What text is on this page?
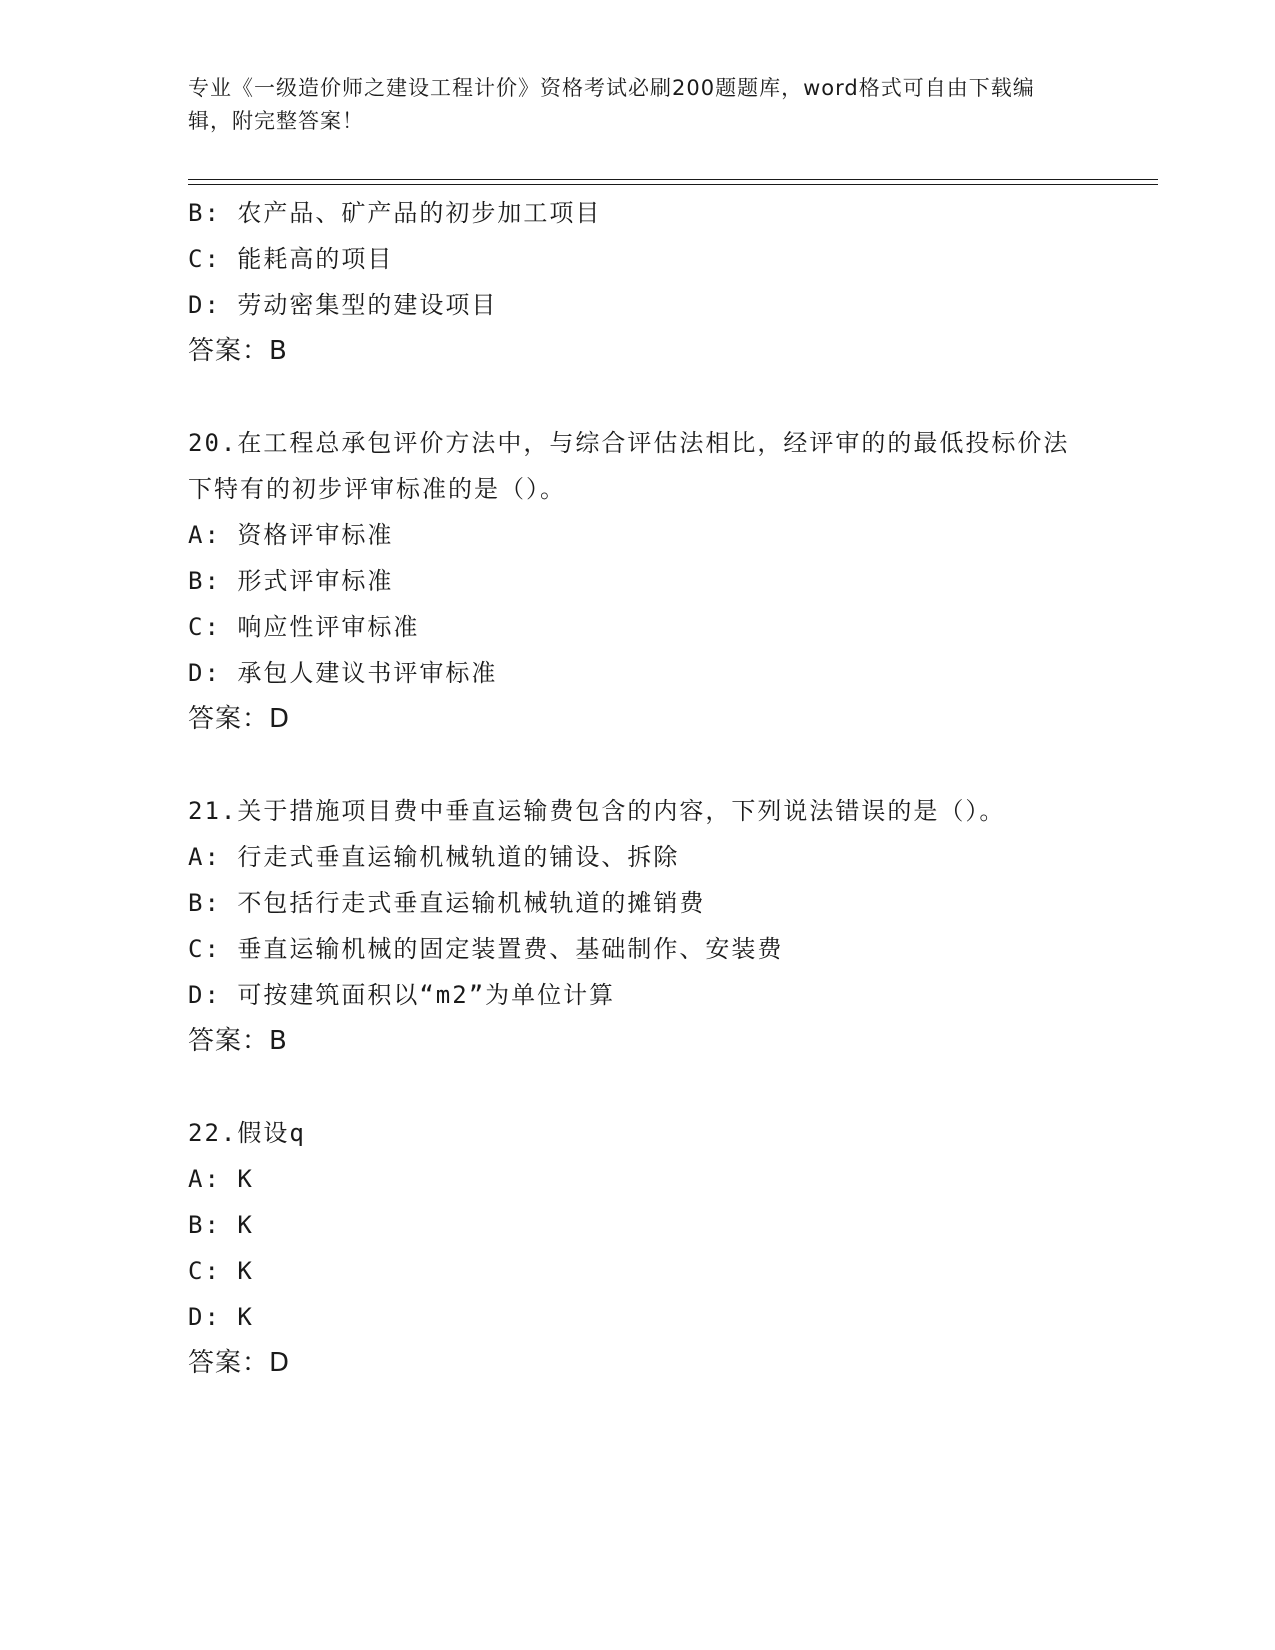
专业《一级造价师之建设工程计价》资格考试必刷200题题库，word格式可自由下载编辑，附完整答案！
B: 农产品、矿产品的初步加工项目
C: 能耗高的项目
D: 劳动密集型的建设项目
答案：B
20.在工程总承包评价方法中，与综合评估法相比，经评审的的最低投标价法下特有的初步评审标准的是（）。
A: 资格评审标准
B: 形式评审标准
C: 响应性评审标准
D: 承包人建议书评审标准
答案：D
21.关于措施项目费中垂直运输费包含的内容，下列说法错误的是（）。
A: 行走式垂直运输机械轨道的铺设、拆除
B: 不包括行走式垂直运输机械轨道的摊销费
C: 垂直运输机械的固定装置费、基础制作、安装费
D: 可按建筑面积以“m2”为单位计算
答案：B
22.假设q
A: K
B: K
C: K
D: K
答案：D
